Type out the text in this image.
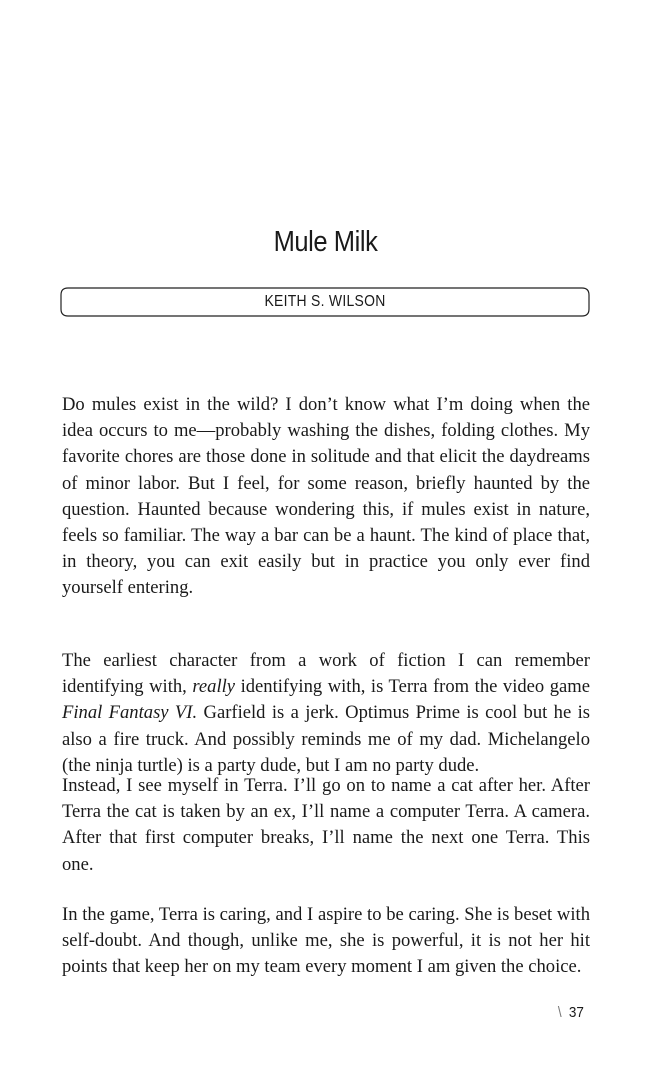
Mule Milk
KEITH S. WILSON

Do mules exist in the wild? I don’t know what I’m doing when the idea occurs to me—probably washing the dishes, folding clothes. My favorite chores are those done in solitude and that elicit the daydreams of minor labor. But I feel, for some reason, briefly haunted by the question. Haunted because wondering this, if mules exist in nature, feels so familiar. The way a bar can be a haunt. The kind of place that, in theory, you can exit easily but in practice you only ever find yourself entering.

The earliest character from a work of fiction I can remember identifying with, really identifying with, is Terra from the video game Final Fantasy VI. Garfield is a jerk. Optimus Prime is cool but he is also a fire truck. And possibly reminds me of my dad. Michelangelo (the ninja turtle) is a party dude, but I am no party dude.

Instead, I see myself in Terra. I’ll go on to name a cat after her. After Terra the cat is taken by an ex, I’ll name a computer Terra. A camera. After that first computer breaks, I’ll name the next one Terra. This one.

In the game, Terra is caring, and I aspire to be caring. She is beset with self-doubt. And though, unlike me, she is powerful, it is not her hit points that keep her on my team every moment I am given the choice.

\ 37
